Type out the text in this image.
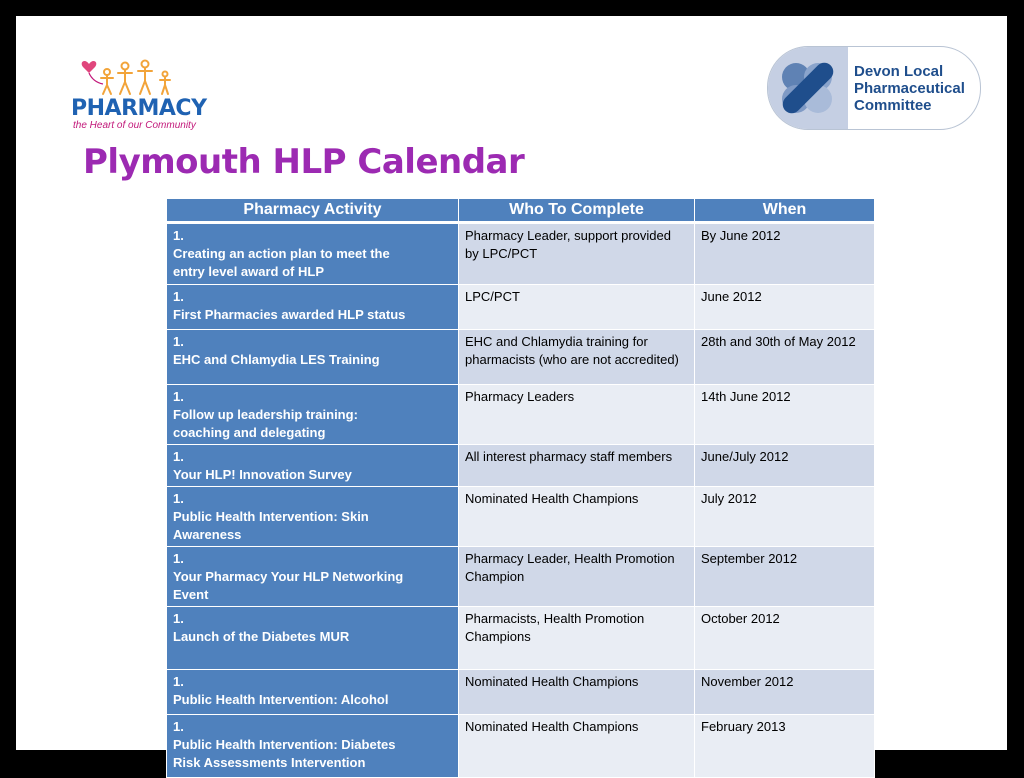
PHARMACY
the Heart of our Community
Devon Local
Pharmaceutical
Committee
Plymouth HLP Calendar
Pharmacy Activity	Who To Complete	When
1.Creating an action plan to meet the entry level award of HLP	Pharmacy Leader, support provided by LPC/PCT	By June 2012
1.First Pharmacies awarded HLP status	LPC/PCT	June 2012
1.EHC and Chlamydia LES Training	EHC and Chlamydia training for pharmacists (who are not accredited)	28th and 30th of May 2012
1.Follow up leadership training: coaching and delegating	Pharmacy Leaders	14th June 2012
1.Your HLP! Innovation Survey	All interest pharmacy staff members	June/July 2012
1.Public Health Intervention: Skin Awareness	Nominated Health Champions	July 2012
1.Your Pharmacy Your HLP Networking Event	Pharmacy Leader, Health Promotion Champion	September 2012
1.Launch of the Diabetes MUR	Pharmacists, Health Promotion Champions	October 2012
1.Public Health Intervention: Alcohol	Nominated Health Champions	November 2012
1.Public Health Intervention: Diabetes Risk Assessments Intervention	Nominated Health Champions	February 2013
